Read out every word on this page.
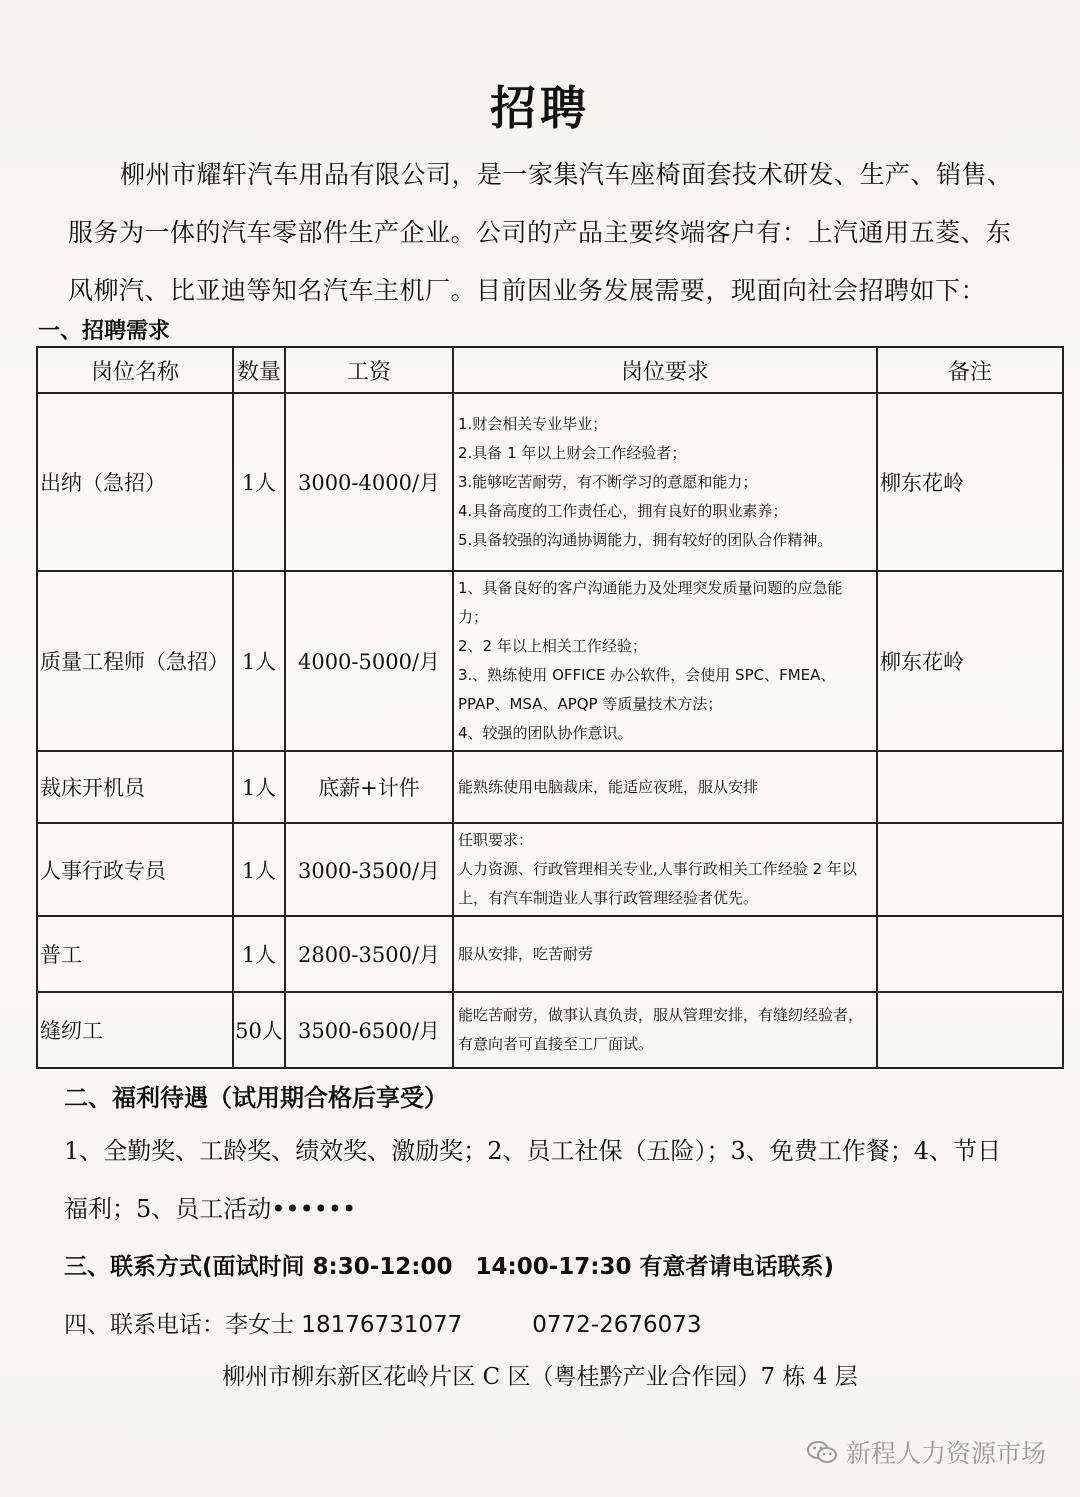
招聘
柳州市耀轩汽车用品有限公司，是一家集汽车座椅面套技术研发、生产、销售、服务为一体的汽车零部件生产企业。公司的产品主要终端客户有：上汽通用五菱、东风柳汽、比亚迪等知名汽车主机厂。目前因业务发展需要，现面向社会招聘如下：
一、招聘需求
岗位名称	数量	工资	岗位要求	备注
出纳（急招）	1人	3000-4000/月	1.财会相关专业毕业；
2.具备 1 年以上财会工作经验者；
3.能够吃苦耐劳，有不断学习的意愿和能力；
4.具备高度的工作责任心，拥有良好的职业素养；
5.具备较强的沟通协调能力，拥有较好的团队合作精神。	柳东花岭
质量工程师（急招）	1人	4000-5000/月	1、具备良好的客户沟通能力及处理突发质量问题的应急能力；
2、2 年以上相关工作经验；
3.、熟练使用 OFFICE 办公软件，会使用 SPC、FMEA、PPAP、MSA、APQP 等质量技术方法；
4、较强的团队协作意识。	柳东花岭
裁床开机员	1人	底薪+计件	能熟练使用电脑裁床，能适应夜班，服从安排	

人事行政专员	1人	3000-3500/月	任职要求：
人力资源、行政管理相关专业,人事行政相关工作经验 2 年以上，有汽车制造业人事行政管理经验者优先。	

普工	1人	2800-3500/月	服从安排，吃苦耐劳	

缝纫工	50人	3500-6500/月	能吃苦耐劳，做事认真负责，服从管理安排，有缝纫经验者，有意向者可直接至工厂面试。	

二、福利待遇（试用期合格后享受）
1、全勤奖、工龄奖、绩效奖、激励奖；2、员工社保（五险）；3、免费工作餐；4、节日福利；5、员工活动••••••
三、联系方式(面试时间 8:30-12:00　14:00-17:30 有意者请电话联系)
四、联系电话：李女士 18176731077	0772-2676073
柳州市柳东新区花岭片区 C 区（粤桂黔产业合作园）7 栋 4 层
新程人力资源市场
